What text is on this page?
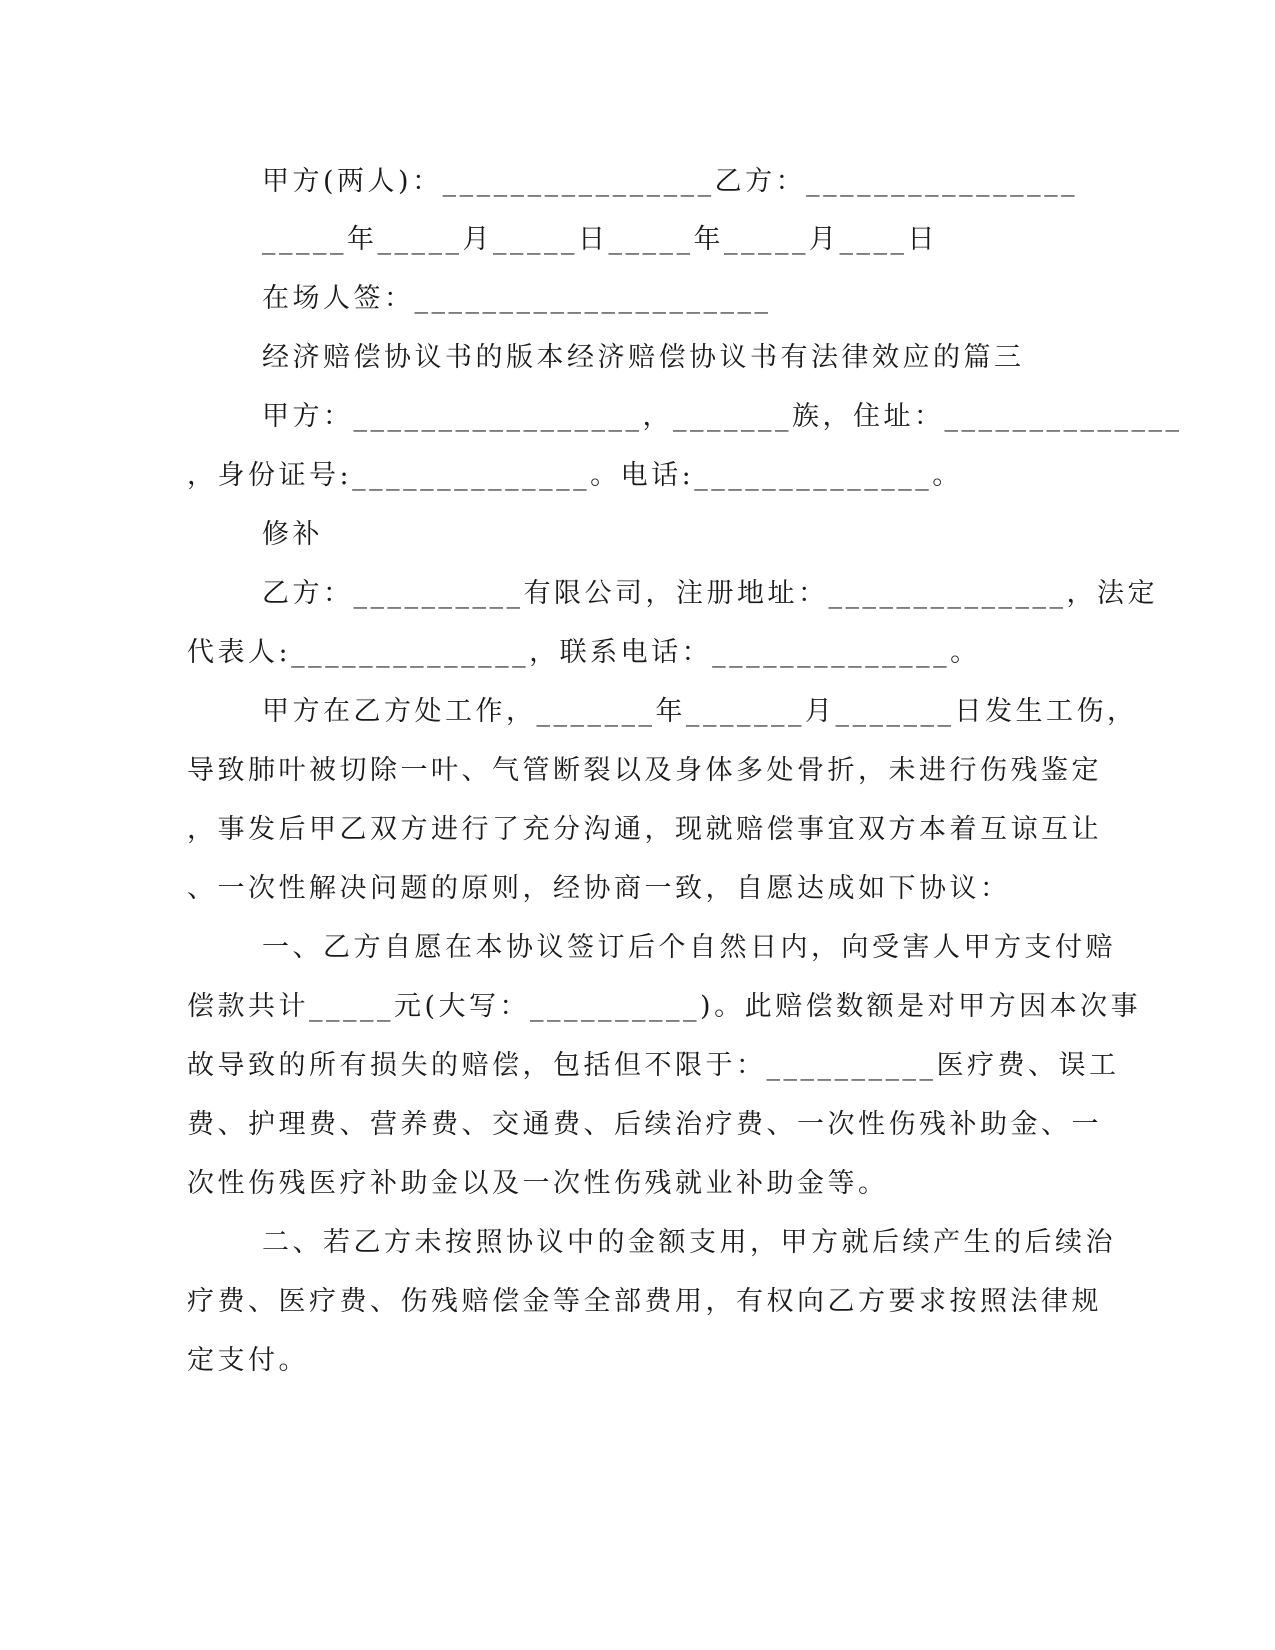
甲方(两人)：________________乙方：________________
_____年_____月_____日_____年_____月____日
在场人签：_____________________
经济赔偿协议书的版本经济赔偿协议书有法律效应的篇三
甲方：_________________，_______族，住址：______________
，身份证号:______________。电话:______________。
修补
乙方：__________有限公司，注册地址：______________，法定
代表人:______________，联系电话：______________。
甲方在乙方处工作，_______年_______月_______日发生工伤，
导致肺叶被切除一叶、气管断裂以及身体多处骨折，未进行伤残鉴定
，事发后甲乙双方进行了充分沟通，现就赔偿事宜双方本着互谅互让
、一次性解决问题的原则，经协商一致，自愿达成如下协议：
一、乙方自愿在本协议签订后个自然日内，向受害人甲方支付赔
偿款共计_____元(大写：__________)。此赔偿数额是对甲方因本次事
故导致的所有损失的赔偿，包括但不限于：__________医疗费、误工
费、护理费、营养费、交通费、后续治疗费、一次性伤残补助金、一
次性伤残医疗补助金以及一次性伤残就业补助金等。
二、若乙方未按照协议中的金额支用，甲方就后续产生的后续治
疗费、医疗费、伤残赔偿金等全部费用，有权向乙方要求按照法律规
定支付。
